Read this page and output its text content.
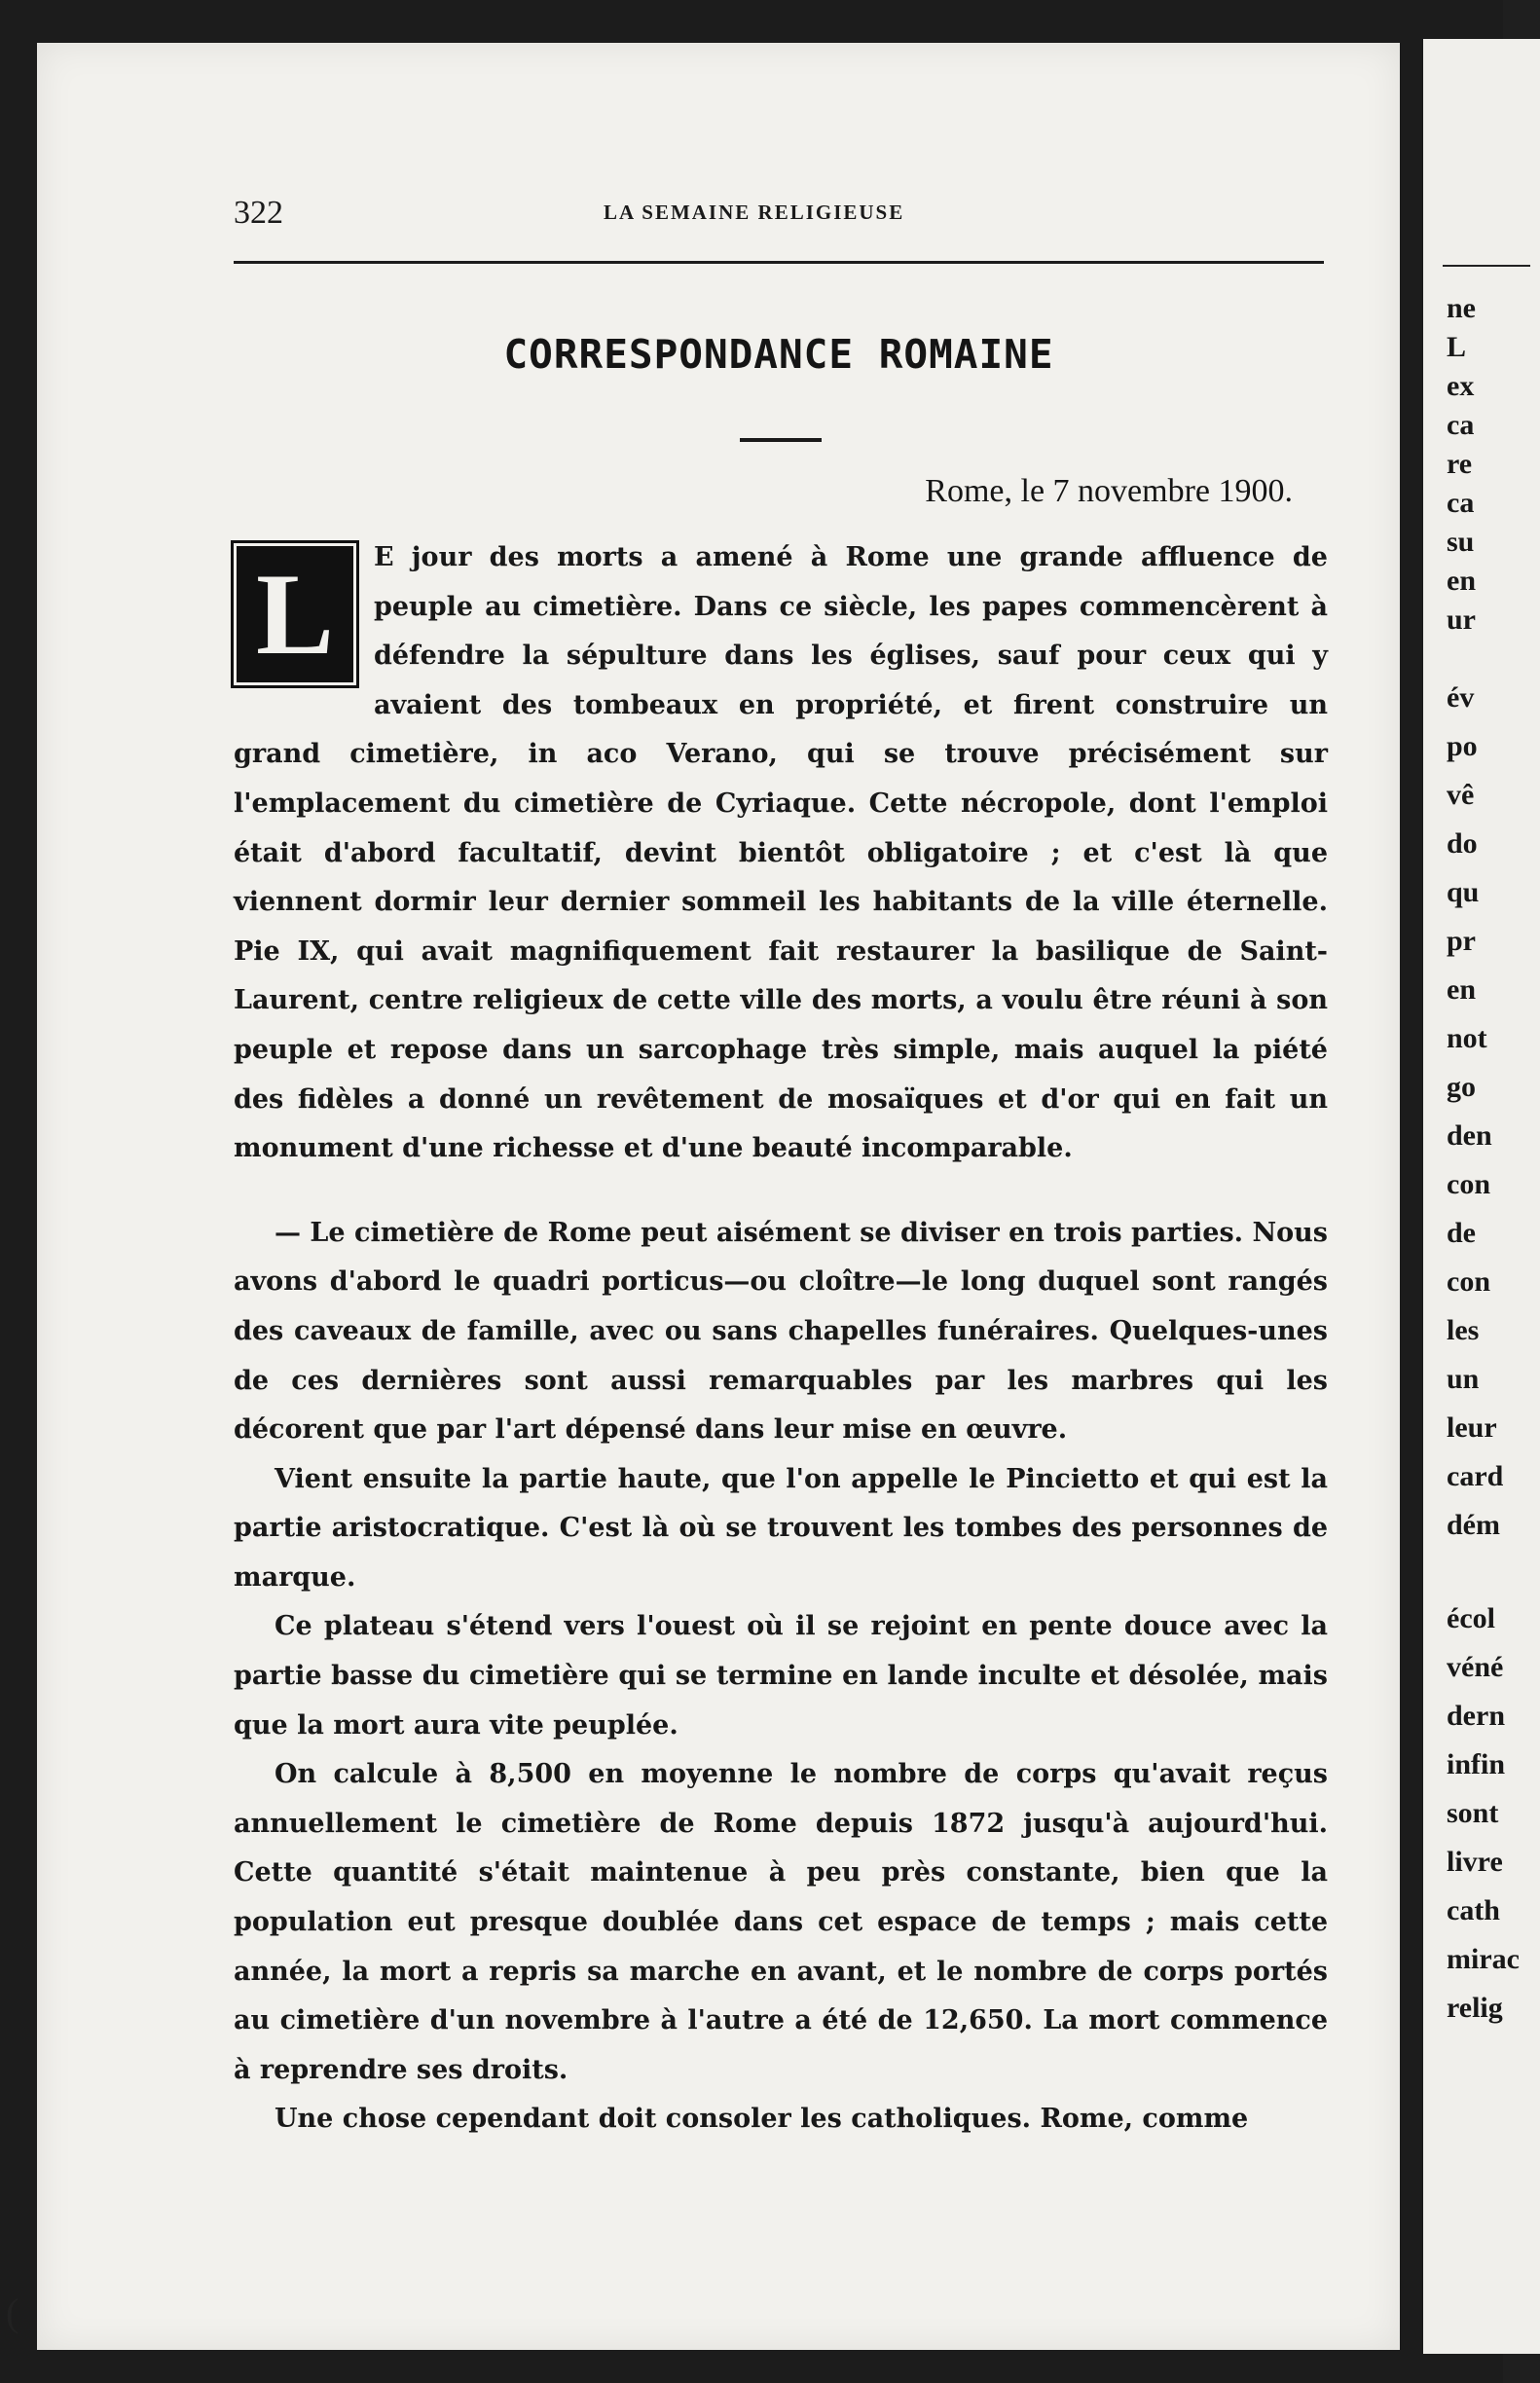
ne
L
ex
ca
re
ca
su
en
ur
év
po
vê
do
qu
pr
en
not
go
den
con
de
con
les
un
leur
card
dém
écol
véné
dern
infin
sont
livre
cath
mirac
relig
322	LA SEMAINE RELIGIEUSE
CORRESPONDANCE ROMAINE
Rome, le 7 novembre 1900.

L	E jour des morts a amené à Rome une grande affluence de peuple au cimetière. Dans ce siècle, les papes commencèrent à défendre la sépulture dans les églises, sauf pour ceux qui y avaient des tombeaux en propriété, et firent construire un grand cimetière, in aco Verano, qui se trouve précisément sur l'emplacement du cimetière de Cyriaque. Cette nécropole, dont l'emploi était d'abord facultatif, devint bientôt obligatoire ; et c'est là que viennent dormir leur dernier sommeil les habitants de la ville éternelle. Pie IX, qui avait magnifiquement fait restaurer la basilique de Saint-Laurent, centre religieux de cette ville des morts, a voulu être réuni à son peuple et repose dans un sarcophage très simple, mais auquel la piété des fidèles a donné un revêtement de mosaïques et d'or qui en fait un monument d'une richesse et d'une beauté incomparable.

— Le cimetière de Rome peut aisément se diviser en trois parties. Nous avons d'abord le quadri porticus—ou cloître—le long duquel sont rangés des caveaux de famille, avec ou sans chapelles funéraires. Quelques-unes de ces dernières sont aussi remarquables par les marbres qui les décorent que par l'art dépensé dans leur mise en œuvre.

Vient ensuite la partie haute, que l'on appelle le Pincietto et qui est la partie aristocratique. C'est là où se trouvent les tombes des personnes de marque.

Ce plateau s'étend vers l'ouest où il se rejoint en pente douce avec la partie basse du cimetière qui se termine en lande inculte et désolée, mais que la mort aura vite peuplée.

On calcule à 8,500 en moyenne le nombre de corps qu'avait reçus annuellement le cimetière de Rome depuis 1872 jusqu'à aujourd'hui. Cette quantité s'était maintenue à peu près constante, bien que la population eut presque doublée dans cet espace de temps ; mais cette année, la mort a repris sa marche en avant, et le nombre de corps portés au cimetière d'un novembre à l'autre a été de 12,650. La mort commence à reprendre ses droits.

Une chose cependant doit consoler les catholiques. Rome, comme

(
